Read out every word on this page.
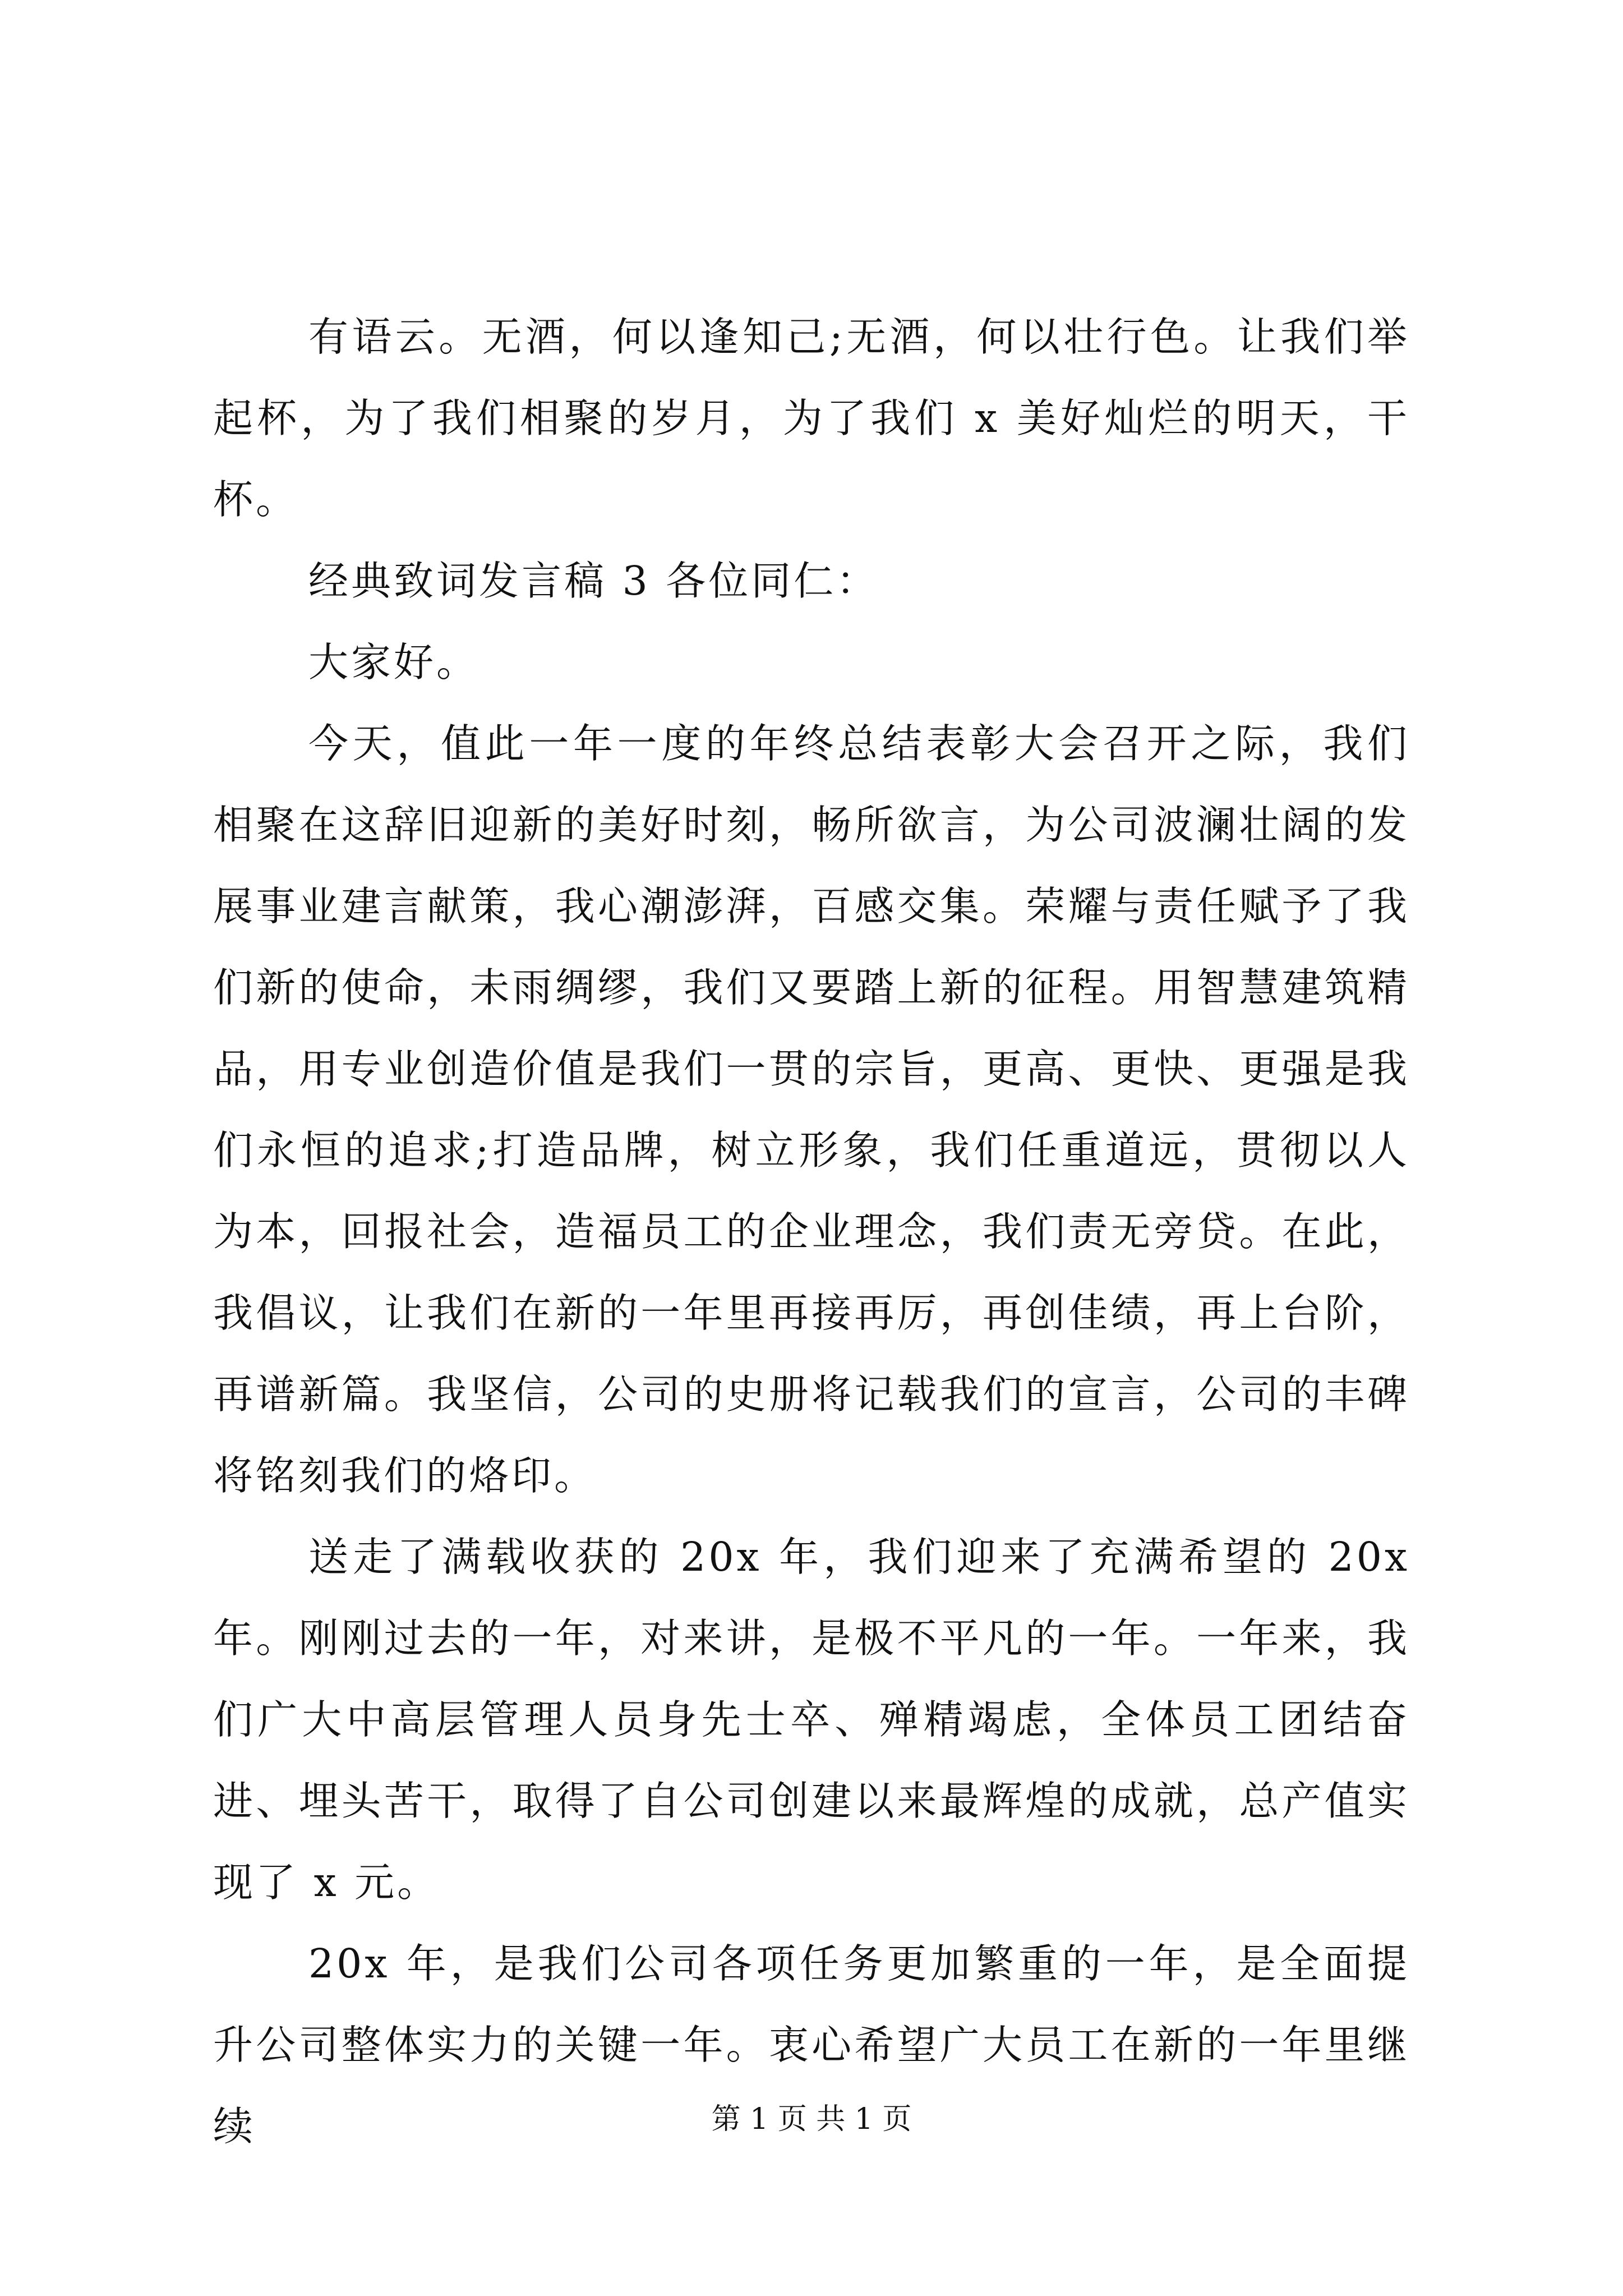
有语云。无酒，何以逢知己;无酒，何以壮行色。让我们举起杯，为了我们相聚的岁月，为了我们 x 美好灿烂的明天，干杯。

经典致词发言稿 3 各位同仁：

大家好。

今天，值此一年一度的年终总结表彰大会召开之际，我们相聚在这辞旧迎新的美好时刻，畅所欲言，为公司波澜壮阔的发展事业建言献策，我心潮澎湃，百感交集。荣耀与责任赋予了我们新的使命，未雨绸缪，我们又要踏上新的征程。用智慧建筑精品，用专业创造价值是我们一贯的宗旨，更高、更快、更强是我们永恒的追求;打造品牌，树立形象，我们任重道远，贯彻以人为本，回报社会，造福员工的企业理念，我们责无旁贷。在此，我倡议，让我们在新的一年里再接再厉，再创佳绩，再上台阶，再谱新篇。我坚信，公司的史册将记载我们的宣言，公司的丰碑将铭刻我们的烙印。

送走了满载收获的 20x 年，我们迎来了充满希望的 20x 年。刚刚过去的一年，对来讲，是极不平凡的一年。一年来，我们广大中高层管理人员身先士卒、殚精竭虑，全体员工团结奋进、埋头苦干，取得了自公司创建以来最辉煌的成就，总产值实现了 x 元。

20x 年，是我们公司各项任务更加繁重的一年，是全面提升公司整体实力的关键一年。衷心希望广大员工在新的一年里继续	第 1 页 共 1 页
